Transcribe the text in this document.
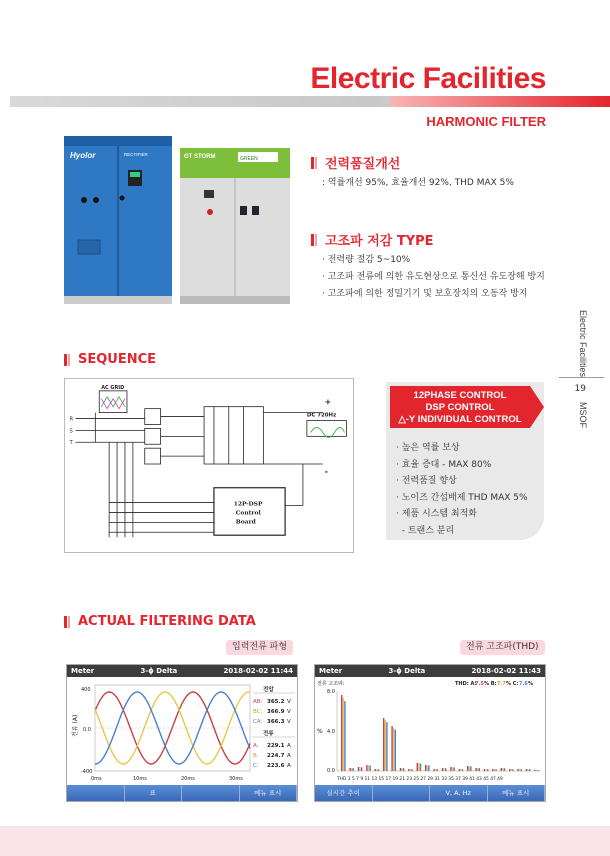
Electric Facilities
HARMONIC FILTER
Hyolor	RECTIFIER	GT STORM	GREEN	전력품질개선
: 역률개선 95%, 효율개선 92%, THD MAX 5%
고조파 저감 TYPE
· 전력량 절감 5~10%
· 고조파 전류에 의한 유도현상으로 통신선 유도장해 방지
· 고조파에 의한 정밀기기 및 보호장치의 오동작 방지
Electric Facilities
19
MSOF
SEQUENCE
AC GRID
R
S
T
DC 720Hz
+
-
12P-DSP
Control
Board
12PHASE CONTROL
DSP CONTROL
△-Y INDIVIDUAL CONTROL
· 높은 역률 보상
· 효율 증대 - MAX 80%
· 전력품질 향상
· 노이즈 간섭배제 THD MAX 5%
· 제품 시스템 최적화
- 트랜스 분리
ACTUAL FILTERING DATA
입력전류 파형	전류 고조파(THD)
Meter	3-ϕ Delta	2018-02-02 11:44
전류 (A)
400
0.0
-400
0ms	10ms	20ms	30ms
전압
AB: 365.2 V
BC: 366.9 V
CA: 366.3 V
전류
A: 229.1 A
B: 224.7 A
C: 223.6 A
표	메뉴 표시
Meter	3-ϕ Delta	2018-02-02 11:43
전류 고조파:	THD: A:
7.5 % B: 7.7 % C: 7.6 %
%
8.0
4.0
0.0
THD 3 5 7 9 11 13 15 17 19 21 23 25 27 29 31 33 35 37 39 41 43 45 47 49
실시간 추이	V, A, Hz	메뉴 표시
